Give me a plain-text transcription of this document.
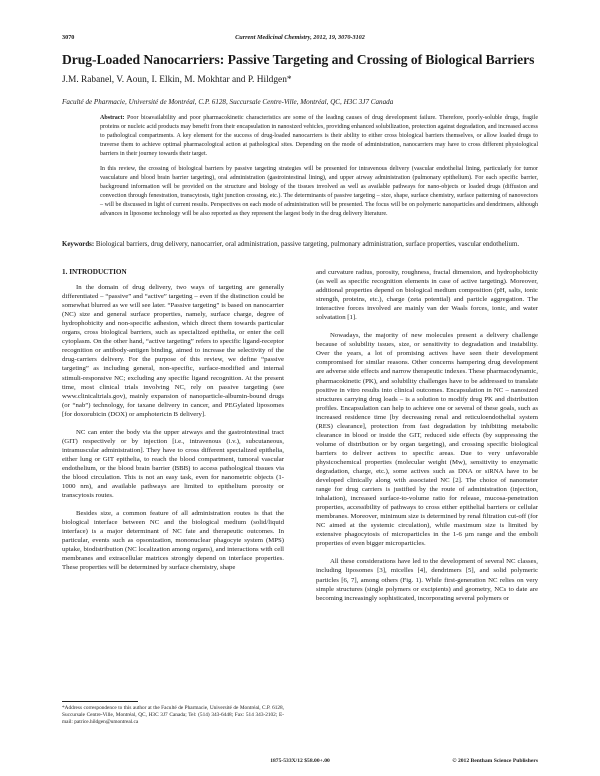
3070	Current Medicinal Chemistry, 2012, 19, 3070-3102
Drug-Loaded Nanocarriers: Passive Targeting and Crossing of Biological Barriers
J.M. Rabanel, V. Aoun, I. Elkin, M. Mokhtar and P. Hildgen*
Faculté de Pharmacie, Université de Montréal, C.P. 6128, Succursale Centre-Ville, Montréal, QC, H3C 3J7 Canada

Abstract: Poor bioavailability and poor pharmacokinetic characteristics are some of the leading causes of drug development failure. Therefore, poorly-soluble drugs, fragile proteins or nucleic acid products may benefit from their encapsulation in nanosized vehicles, providing enhanced solubilization, protection against degradation, and increased access to pathological compartments. A key element for the success of drug-loaded nanocarriers is their ability to either cross biological barriers themselves, or allow loaded drugs to traverse them to achieve optimal pharmacological action at pathological sites. Depending on the mode of administration, nanocarriers may have to cross different physiological barriers in their journey towards their target.

In this review, the crossing of biological barriers by passive targeting strategies will be presented for intravenous delivery (vascular endothelial lining, particularly for tumor vasculature and blood brain barrier targeting), oral administration (gastrointestinal lining), and upper airway administration (pulmonary epithelium). For each specific barrier, background information will be provided on the structure and biology of the tissues involved as well as available pathways for nano-objects or loaded drugs (diffusion and convection through fenestration, transcytosis, tight junction crossing, etc.). The determinants of passive targeting – size, shape, surface chemistry, surface patterning of nanovectors – will be discussed in light of current results. Perspectives on each mode of administration will be presented. The focus will be on polymeric nanoparticles and dendrimers, although advances in liposome technology will be also reported as they represent the largest body in the drug delivery literature.

Keywords: Biological barriers, drug delivery, nanocarrier, oral administration, passive targeting, pulmonary administration, surface properties, vascular endothelium.
1. INTRODUCTION

In the domain of drug delivery, two ways of targeting are generally differentiated – “passive” and “active” targeting – even if the distinction could be somewhat blurred as we will see later. “Passive targeting” is based on nanocarrier (NC) size and general surface properties, namely, surface charge, degree of hydrophobicity and non-specific adhesion, which direct them towards particular organs, cross biological barriers, such as specialized epithelia, or enter the cell cytoplasm. On the other hand, “active targeting” refers to specific ligand-receptor recognition or antibody-antigen binding, aimed to increase the selectivity of the drug-carriers delivery. For the purpose of this review, we define “passive targeting” as including general, non-specific, surface-modified and internal stimuli-responsive NC; excluding any specific ligand recognition. At the present time, most clinical trials involving NC, rely on passive targeting (see www.clinicaltrials.gov), mainly expansion of nanoparticle-albumin-bound drugs (or “nab”) technology, for taxane delivery in cancer, and PEGylated liposomes [for doxorubicin (DOX) or amphotericin B delivery].

NC can enter the body via the upper airways and the gastrointestinal tract (GIT) respectively or by injection [i.e., intravenous (i.v.), subcutaneous, intramuscular administration]. They have to cross different specialized epithelia, either lung or GIT epithelia, to reach the blood compartment, tumoral vascular endothelium, or the blood brain barrier (BBB) to access pathological tissues via the blood circulation. This is not an easy task, even for nanometric objects (1-1000 nm), and available pathways are limited to epithelium porosity or transcytosis routes.

Besides size, a common feature of all administration routes is that the biological interface between NC and the biological medium (solid/liquid interface) is a major determinant of NC fate and therapeutic outcomes. In particular, events such as opsonization, mononuclear phagocyte system (MPS) uptake, biodistribution (NC localization among organs), and interactions with cell membranes and extracellular matrices strongly depend on interface properties. These properties will be determined by surface chemistry, shape

and curvature radius, porosity, roughness, fractal dimension, and hydrophobicity (as well as specific recognition elements in case of active targeting). Moreover, additional properties depend on biological medium composition (pH, salts, ionic strength, proteins, etc.), charge (zeta potential) and particle aggregation. The interactive forces involved are mainly van der Waals forces, ionic, and water solvatation [1].

Nowadays, the majority of new molecules present a delivery challenge because of solubility issues, size, or sensitivity to degradation and instability. Over the years, a lot of promising actives have seen their development compromised for similar reasons. Other concerns hampering drug development are adverse side effects and narrow therapeutic indexes. These pharmacodynamic, pharmacokinetic (PK), and solubility challenges have to be addressed to translate positive in vitro results into clinical outcomes. Encapsulation in NC – nanosized structures carrying drug loads – is a solution to modify drug PK and distribution profiles. Encapsulation can help to achieve one or several of these goals, such as increased residence time [by decreasing renal and reticuloendothelial system (RES) clearance], protection from fast degradation by inhibiting metabolic clearance in blood or inside the GIT, reduced side effects (by suppressing the volume of distribution or by organ targeting), and crossing specific biological barriers to deliver actives to specific areas. Due to very unfavorable physicochemical properties (molecular weight (Mw), sensitivity to enzymatic degradation, charge, etc.), some actives such as DNA or siRNA have to be developed clinically along with associated NC [2]. The choice of nanometer range for drug carriers is justified by the route of administration (injection, inhalation), increased surface-to-volume ratio for release, mucosa-penetration properties, accessibility of pathways to cross either epithelial barriers or cellular membranes. Moreover, minimum size is determined by renal filtration cut-off (for NC aimed at the systemic circulation), while maximum size is limited by extensive phagocytosis of microparticles in the 1-6 µm range and the emboli properties of even bigger microparticles.

All these considerations have led to the development of several NC classes, including liposomes [3], micelles [4], dendrimers [5], and solid polymeric particles [6, 7], among others (Fig. 1). While first-generation NC relies on very simple structures (single polymers or excipients) and geometry, NCs to date are becoming increasingly sophisticated, incorporating several polymers or

*Address correspondence to this author at the Faculté de Pharmacie, Université de Montréal, C.P. 6128, Succursale Centre-Ville, Montréal, QC, H3C 3J7 Canada; Tel: (514) 343-6448; Fax: 514 343-2102; E-mail: patrice.hildgen@umontreal.ca
1875-533X/12 $58.00+.00	© 2012 Bentham Science Publishers
